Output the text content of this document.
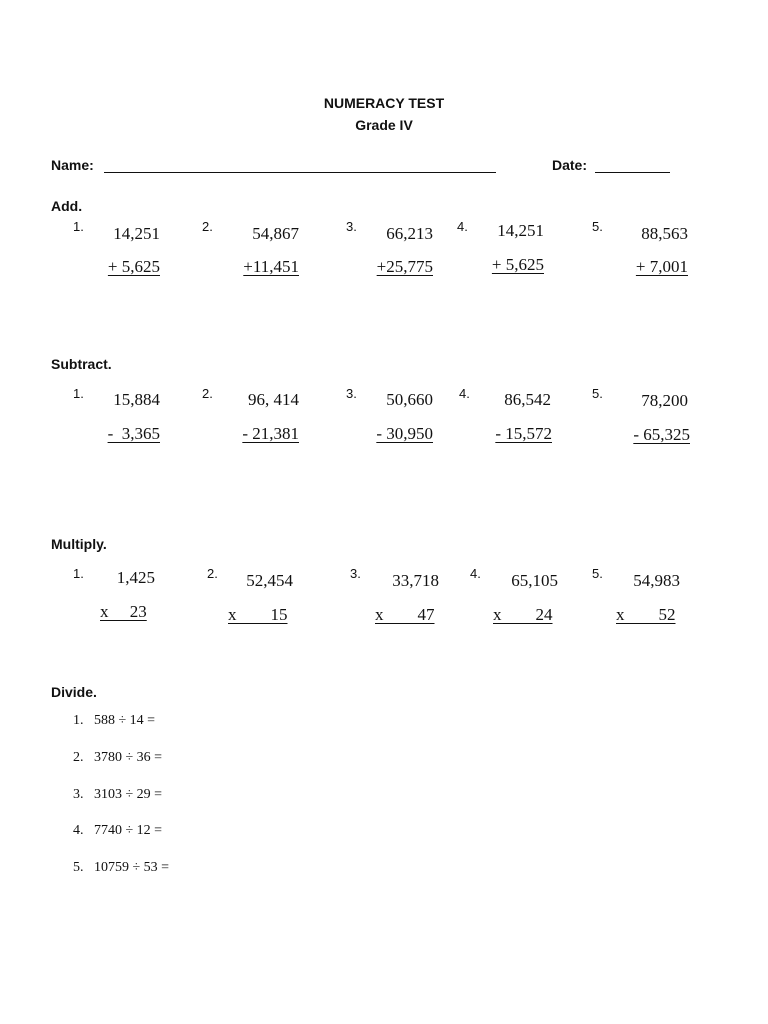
NUMERACY TEST
Grade IV
Name:	Date:
Add.
1.	14,251
+ 5,625
2.	54,867
+11,451
3.	66,213
+25,775
4.	14,251
+ 5,625
5.	88,563
+ 7,001
Subtract.
1.	15,884
-  3,365
2.	96, 414
- 21,381
3.	50,660
- 30,950
4.	86,542
- 15,572
5.	78,200
- 65,325
Multiply.
1.	1,425
x     23
2.	52,454
x        15
3.	33,718
x        47
4.	65,105
x        24
5.	54,983
x        52
Divide.
1.   588 ÷ 14 =
2.   3780 ÷ 36 =
3.   3103 ÷ 29 =
4.   7740 ÷ 12 =
5.   10759 ÷ 53 =
